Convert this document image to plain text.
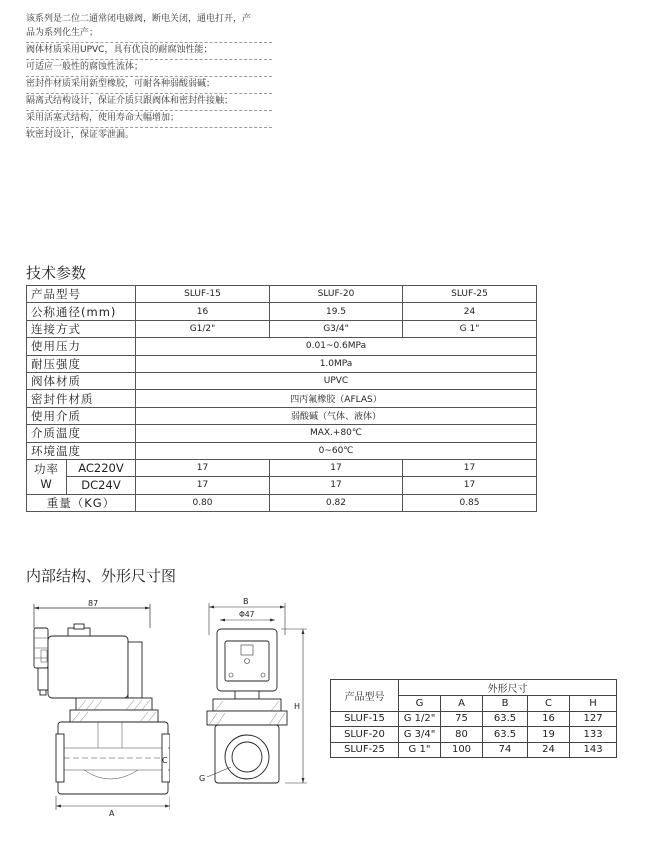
该系列是二位二通常闭电磁阀，断电关闭，通电打开，产
品为系列化生产；
阀体材质采用UPVC，具有优良的耐腐蚀性能；
可适应一般性的腐蚀性流体；
密封件材质采用新型橡胶，可耐各种弱酸弱碱；
隔离式结构设计，保证介质只跟阀体和密封件接触；
采用活塞式结构，使用寿命大幅增加；
软密封设计，保证零泄漏。
技术参数
产品型号		SLUF-15	SLUF-20	SLUF-25
公称通径(mm)		16	19.5	24
连接方式		G1/2"	G3/4"	G 1"
使用压力		0.01~0.6MPa		
耐压强度		1.0MPa		
阀体材质		UPVC		
密封件材质		四丙氟橡胶（AFLAS）		
使用介质		弱酸碱（气体、液体）		
介质温度		MAX.+80℃		
环境温度		0~60℃		

功率
W	AC220V	17	17	17
	DC24V	17	17	17
重量（KG）		0.80	0.82	0.85
内部结构、外形尺寸图
87
C
A
B
Φ47
G
H
产品型号	外形尺寸				
	G	A	B	C	H
SLUF-15	G 1/2"	75	63.5	16	127
SLUF-20	G 3/4"	80	63.5	19	133
SLUF-25	G 1"	100	74	24	143
